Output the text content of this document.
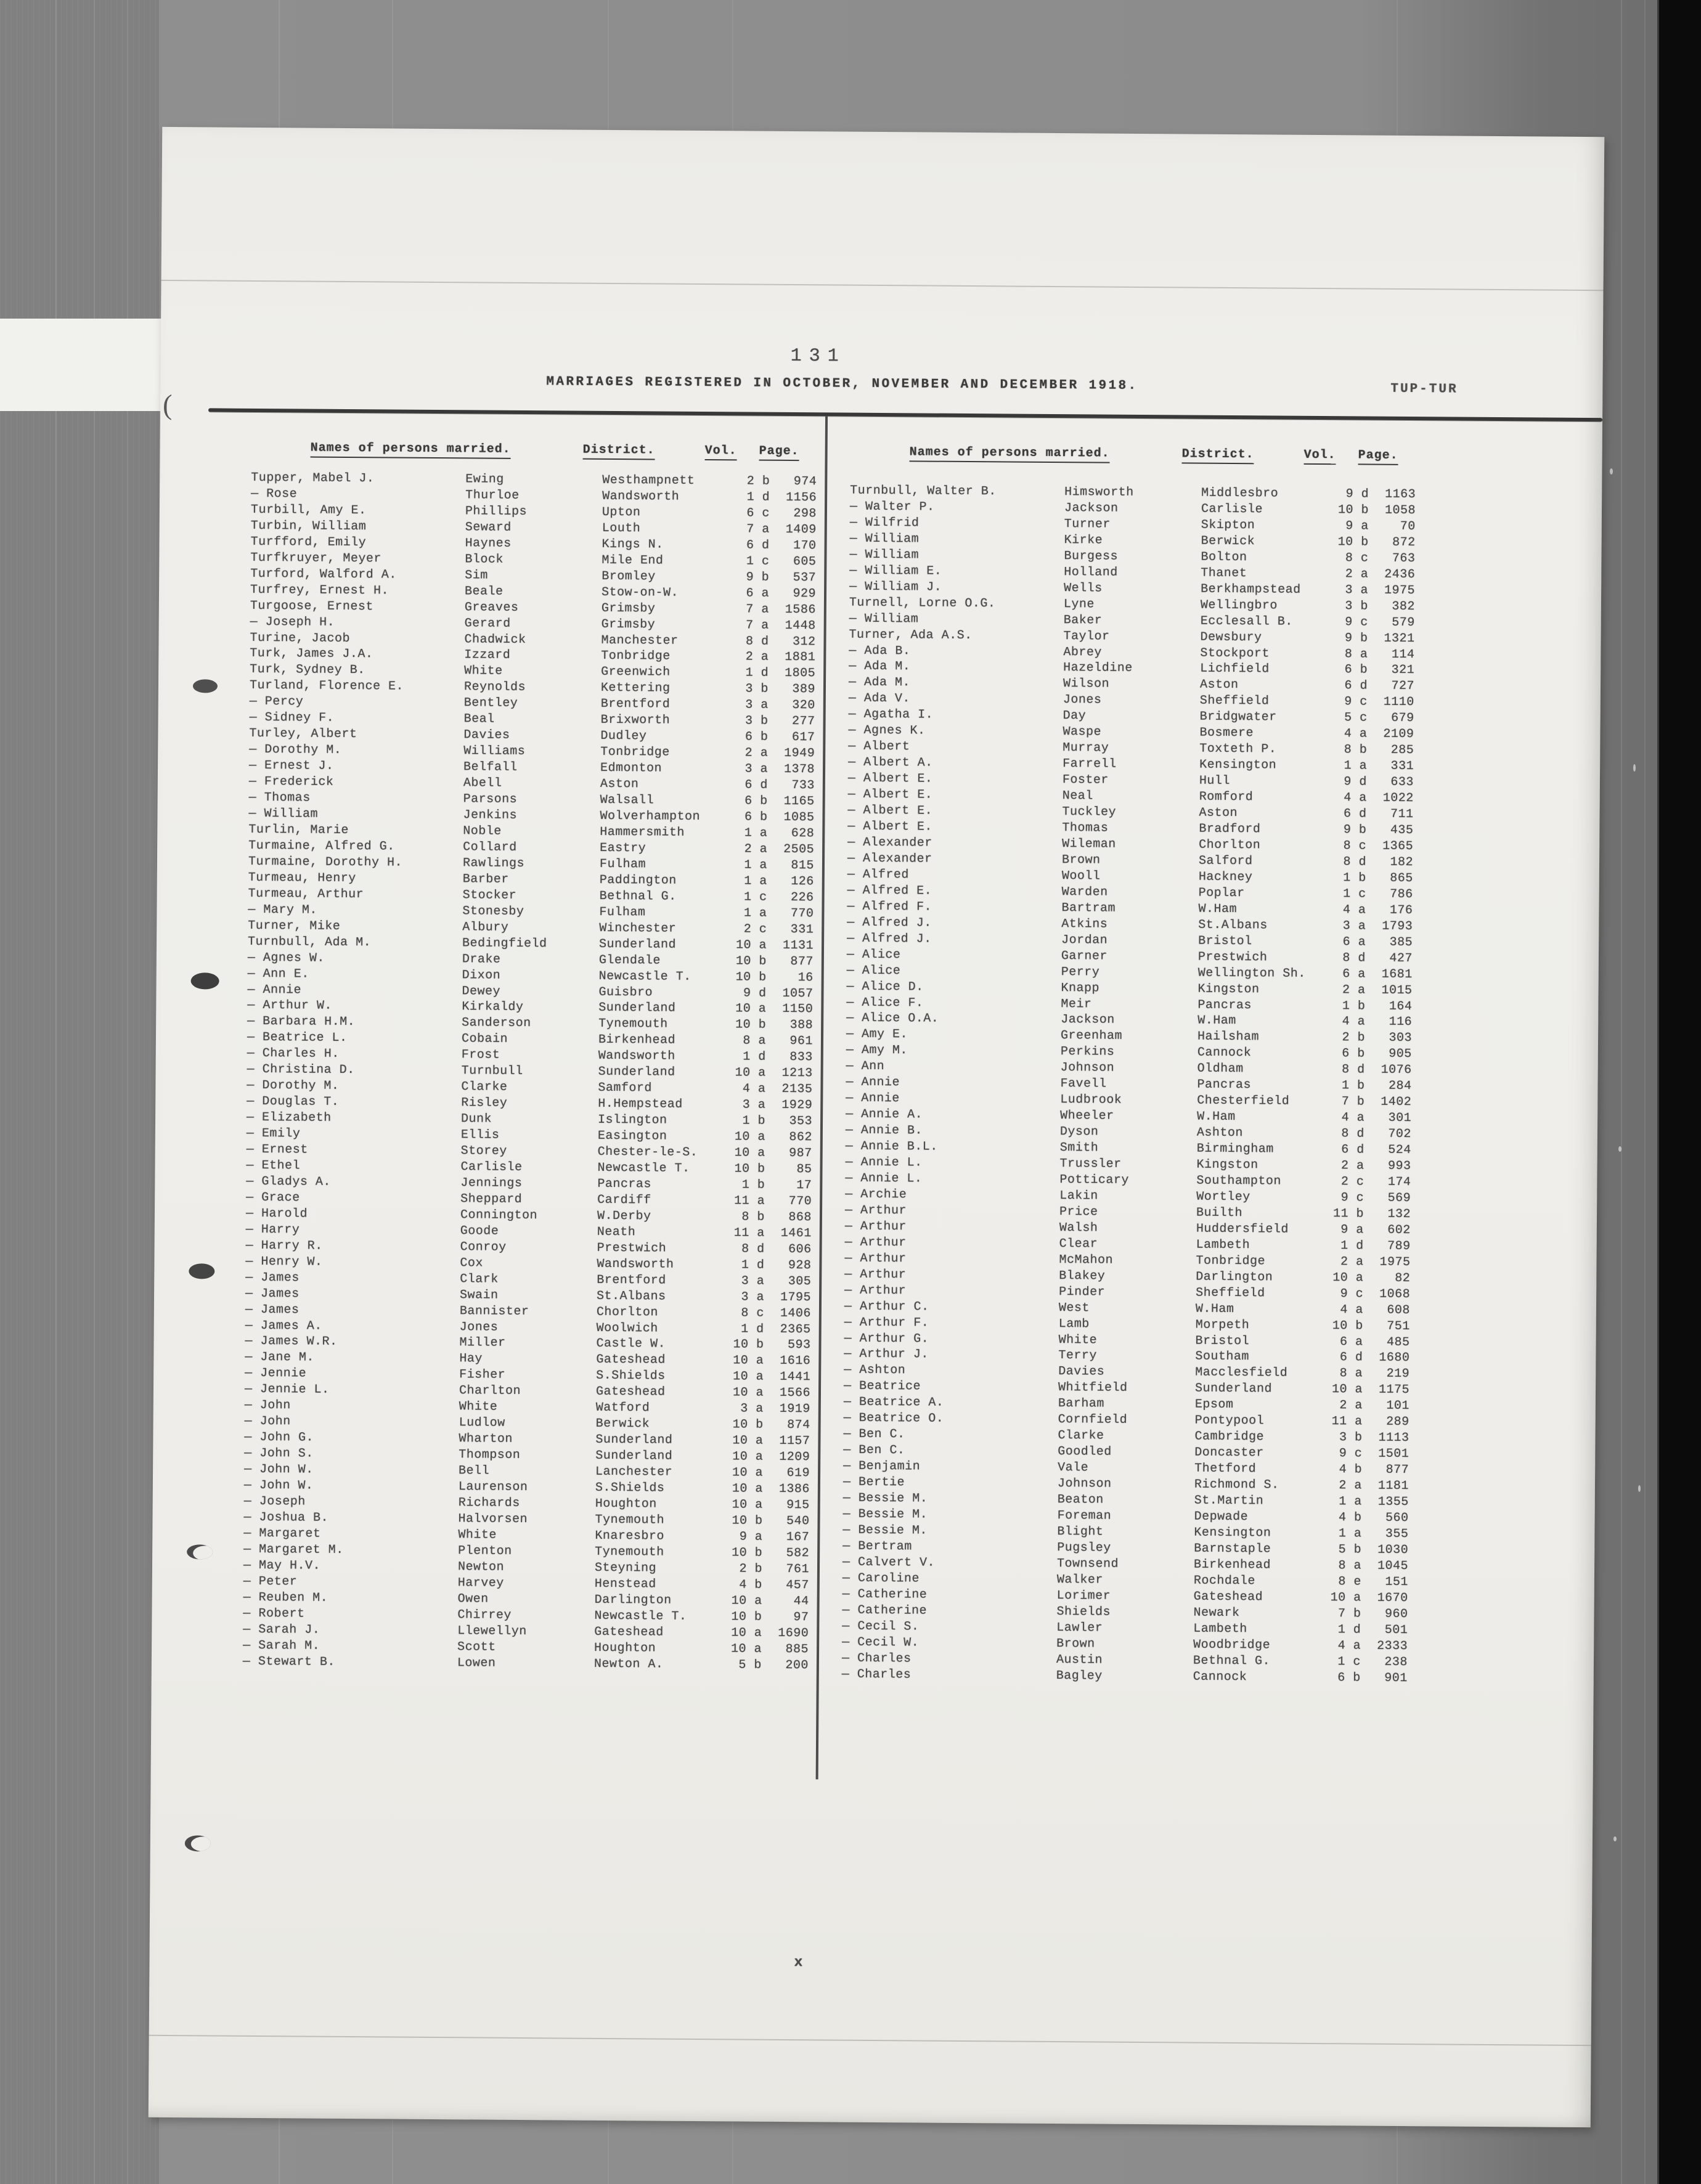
131
MARRIAGES REGISTERED IN OCTOBER, NOVEMBER AND DECEMBER 1918.	TUP-TUR
Names of persons married.	District.	Vol. Page.	Names of persons married.	District.	Vol. Page.
Tupper, Mabel J.	Ewing	Westhampnett	2 b	974
— Rose	Thurloe	Wandsworth	1 d	1156
Turbill, Amy E.	Phillips	Upton	6 c	298
Turbin, William	Seward	Louth	7 a	1409
Turfford, Emily	Haynes	Kings N.	6 d	170
Turfkruyer, Meyer	Block	Mile End	1 c	605
Turford, Walford A.	Sim	Bromley	9 b	537
Turfrey, Ernest H.	Beale	Stow-on-W.	6 a	929
Turgoose, Ernest	Greaves	Grimsby	7 a	1586
— Joseph H.	Gerard	Grimsby	7 a	1448
Turine, Jacob	Chadwick	Manchester	8 d	312
Turk, James J.A.	Izzard	Tonbridge	2 a	1881
Turk, Sydney B.	White	Greenwich	1 d	1805
Turland, Florence E.	Reynolds	Kettering	3 b	389
— Percy	Bentley	Brentford	3 a	320
— Sidney F.	Beal	Brixworth	3 b	277
Turley, Albert	Davies	Dudley	6 b	617
— Dorothy M.	Williams	Tonbridge	2 a	1949
— Ernest J.	Belfall	Edmonton	3 a	1378
— Frederick	Abell	Aston	6 d	733
— Thomas	Parsons	Walsall	6 b	1165
— William	Jenkins	Wolverhampton	6 b	1085
Turlin, Marie	Noble	Hammersmith	1 a	628
Turmaine, Alfred G.	Collard	Eastry	2 a	2505
Turmaine, Dorothy H.	Rawlings	Fulham	1 a	815
Turmeau, Henry	Barber	Paddington	1 a	126
Turmeau, Arthur	Stocker	Bethnal G.	1 c	226
— Mary M.	Stonesby	Fulham	1 a	770
Turner, Mike	Albury	Winchester	2 c	331
Turnbull, Ada M.	Bedingfield	Sunderland	10 a	1131
— Agnes W.	Drake	Glendale	10 b	877
— Ann E.	Dixon	Newcastle T.	10 b	16
— Annie	Dewey	Guisbro	9 d	1057
— Arthur W.	Kirkaldy	Sunderland	10 a	1150
— Barbara H.M.	Sanderson	Tynemouth	10 b	388
— Beatrice L.	Cobain	Birkenhead	8 a	961
— Charles H.	Frost	Wandsworth	1 d	833
— Christina D.	Turnbull	Sunderland	10 a	1213
— Dorothy M.	Clarke	Samford	4 a	2135
— Douglas T.	Risley	H.Hempstead	3 a	1929
— Elizabeth	Dunk	Islington	1 b	353
— Emily	Ellis	Easington	10 a	862
— Ernest	Storey	Chester-le-S.	10 a	987
— Ethel	Carlisle	Newcastle T.	10 b	85
— Gladys A.	Jennings	Pancras	1 b	17
— Grace	Sheppard	Cardiff	11 a	770
— Harold	Connington	W.Derby	8 b	868
— Harry	Goode	Neath	11 a	1461
— Harry R.	Conroy	Prestwich	8 d	606
— Henry W.	Cox	Wandsworth	1 d	928
— James	Clark	Brentford	3 a	305
— James	Swain	St.Albans	3 a	1795
— James	Bannister	Chorlton	8 c	1406
— James A.	Jones	Woolwich	1 d	2365
— James W.R.	Miller	Castle W.	10 b	593
— Jane M.	Hay	Gateshead	10 a	1616
— Jennie	Fisher	S.Shields	10 a	1441
— Jennie L.	Charlton	Gateshead	10 a	1566
— John	White	Watford	3 a	1919
— John	Ludlow	Berwick	10 b	874
— John G.	Wharton	Sunderland	10 a	1157
— John S.	Thompson	Sunderland	10 a	1209
— John W.	Bell	Lanchester	10 a	619
— John W.	Laurenson	S.Shields	10 a	1386
— Joseph	Richards	Houghton	10 a	915
— Joshua B.	Halvorsen	Tynemouth	10 b	540
— Margaret	White	Knaresbro	9 a	167
— Margaret M.	Plenton	Tynemouth	10 b	582
— May H.V.	Newton	Steyning	2 b	761
— Peter	Harvey	Henstead	4 b	457
— Reuben M.	Owen	Darlington	10 a	44
— Robert	Chirrey	Newcastle T.	10 b	97
— Sarah J.	Llewellyn	Gateshead	10 a	1690
— Sarah M.	Scott	Houghton	10 a	885
— Stewart B.	Lowen	Newton A.	5 b	200
Turnbull, Walter B.	Himsworth	Middlesbro	9 d	1163
— Walter P.	Jackson	Carlisle	10 b	1058
— Wilfrid	Turner	Skipton	9 a	70
— William	Kirke	Berwick	10 b	872
— William	Burgess	Bolton	8 c	763
— William E.	Holland	Thanet	2 a	2436
— William J.	Wells	Berkhampstead	3 a	1975
Turnell, Lorne O.G.	Lyne	Wellingbro	3 b	382
— William	Baker	Ecclesall B.	9 c	579
Turner, Ada A.S.	Taylor	Dewsbury	9 b	1321
— Ada B.	Abrey	Stockport	8 a	114
— Ada M.	Hazeldine	Lichfield	6 b	321
— Ada M.	Wilson	Aston	6 d	727
— Ada V.	Jones	Sheffield	9 c	1110
— Agatha I.	Day	Bridgwater	5 c	679
— Agnes K.	Waspe	Bosmere	4 a	2109
— Albert	Murray	Toxteth P.	8 b	285
— Albert A.	Farrell	Kensington	1 a	331
— Albert E.	Foster	Hull	9 d	633
— Albert E.	Neal	Romford	4 a	1022
— Albert E.	Tuckley	Aston	6 d	711
— Albert E.	Thomas	Bradford	9 b	435
— Alexander	Wileman	Chorlton	8 c	1365
— Alexander	Brown	Salford	8 d	182
— Alfred	Wooll	Hackney	1 b	865
— Alfred E.	Warden	Poplar	1 c	786
— Alfred F.	Bartram	W.Ham	4 a	176
— Alfred J.	Atkins	St.Albans	3 a	1793
— Alfred J.	Jordan	Bristol	6 a	385
— Alice	Garner	Prestwich	8 d	427
— Alice	Perry	Wellington Sh.	6 a	1681
— Alice D.	Knapp	Kingston	2 a	1015
— Alice F.	Meir	Pancras	1 b	164
— Alice O.A.	Jackson	W.Ham	4 a	116
— Amy E.	Greenham	Hailsham	2 b	303
— Amy M.	Perkins	Cannock	6 b	905
— Ann	Johnson	Oldham	8 d	1076
— Annie	Favell	Pancras	1 b	284
— Annie	Ludbrook	Chesterfield	7 b	1402
— Annie A.	Wheeler	W.Ham	4 a	301
— Annie B.	Dyson	Ashton	8 d	702
— Annie B.L.	Smith	Birmingham	6 d	524
— Annie L.	Trussler	Kingston	2 a	993
— Annie L.	Potticary	Southampton	2 c	174
— Archie	Lakin	Wortley	9 c	569
— Arthur	Price	Builth	11 b	132
— Arthur	Walsh	Huddersfield	9 a	602
— Arthur	Clear	Lambeth	1 d	789
— Arthur	McMahon	Tonbridge	2 a	1975
— Arthur	Blakey	Darlington	10 a	82
— Arthur	Pinder	Sheffield	9 c	1068
— Arthur C.	West	W.Ham	4 a	608
— Arthur F.	Lamb	Morpeth	10 b	751
— Arthur G.	White	Bristol	6 a	485
— Arthur J.	Terry	Southam	6 d	1680
— Ashton	Davies	Macclesfield	8 a	219
— Beatrice	Whitfield	Sunderland	10 a	1175
— Beatrice A.	Barham	Epsom	2 a	101
— Beatrice O.	Cornfield	Pontypool	11 a	289
— Ben C.	Clarke	Cambridge	3 b	1113
— Ben C.	Goodled	Doncaster	9 c	1501
— Benjamin	Vale	Thetford	4 b	877
— Bertie	Johnson	Richmond S.	2 a	1181
— Bessie M.	Beaton	St.Martin	1 a	1355
— Bessie M.	Foreman	Depwade	4 b	560
— Bessie M.	Blight	Kensington	1 a	355
— Bertram	Pugsley	Barnstaple	5 b	1030
— Calvert V.	Townsend	Birkenhead	8 a	1045
— Caroline	Walker	Rochdale	8 e	151
— Catherine	Lorimer	Gateshead	10 a	1670
— Catherine	Shields	Newark	7 b	960
— Cecil S.	Lawler	Lambeth	1 d	501
— Cecil W.	Brown	Woodbridge	4 a	2333
— Charles	Austin	Bethnal G.	1 c	238
— Charles	Bagley	Cannock	6 b	901
(
x
